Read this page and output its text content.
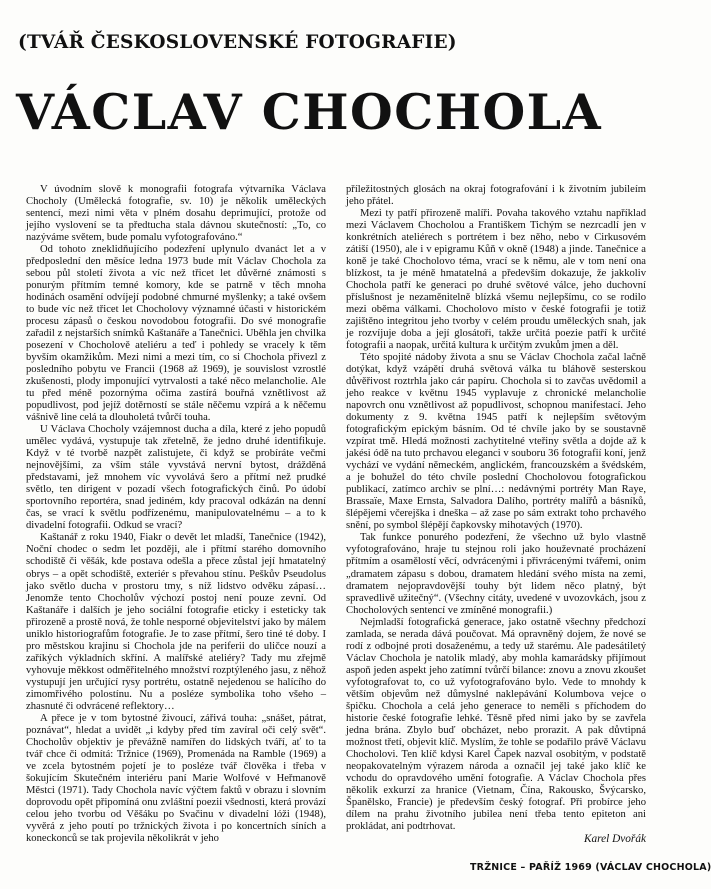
(TVÁŘ ČESKOSLOVENSKÉ FOTOGRAFIE)
VÁCLAV CHOCHOLA

V úvodním slově k monografii fotografa výtvarníka Václava Chocholy (Umělecká fotografie, sv. 10) je několik uměleckých sentencí, mezi nimi věta v plném dosahu deprimující, protože od jejího vyslovení se ta předtucha stala dávnou skutečností: „To, co nazýváme světem, bude pomalu vyfotografováno.“

Od tohoto zneklidňujícího podezření uplynulo dvanáct let a v předposlední den měsíce ledna 1973 bude mít Václav Chochola za sebou půl století života a víc než třicet let důvěrné známosti s ponurým přítmím temné komory, kde se patrně v těch mnoha hodinách osamění odvíjejí podobné chmurné myšlenky; a také ovšem to bude víc než třicet let Chocholovy významné účasti v historickém procesu zápasů o českou novodobou fotografii. Do své monografie zařadil z nejstarších snímků Kaštanáře a Tanečnici. Uběhla jen chvilka posezení v Chocholově ateliéru a teď i pohledy se vracely k těm byvším okamžikům. Mezi nimi a mezi tím, co si Chochola přivezl z posledního pobytu ve Francii (1968 až 1969), je souvislost vzrostlé zkušenosti, plody imponující vytrvalosti a také něco melancholie. Ale tu před méně pozornýma očima zastírá bouřná vznětlivost až popudlivost, pod jejíž dotěrností se stále něčemu vzpírá a k něčemu vášnivě line celá ta dlouholetá tvůrčí touha.

U Václava Chocholy vzájemnost ducha a díla, které z jeho popudů umělec vydává, vystupuje tak zřetelně, že jedno druhé identifikuje. Když v té tvorbě nazpět zalistujete, či když se probíráte večmi nejnovějšími, za vším stále vyvstává nervní bytost, drážděná představami, jež mnohem víc vyvolává šero a přítmí než prudké světlo, ten dirigent v pozadí všech fotografických činů. Po údobí sportovního reportéra, snad jediném, kdy pracoval odkázán na denní čas, se vrací k světlu podřízenému, manipulovatelnému – a to k divadelní fotografii. Odkud se vrací?

Kaštanář z roku 1940, Fiakr o devět let mladší, Tanečnice (1942), Noční chodec o sedm let později, ale i přítmí starého domovního schodiště či věšák, kde postava odešla a přece zůstal její hmatatelný obrys – a opět schodiště, exteriér s převahou stínu. Peškův Pseudolus jako světlo ducha v prostoru tmy, s níž lidstvo odvěku zápasí… Jenomže tento Chocholův výchozí postoj není pouze zevní. Od Kaštanáře i dalších je jeho sociální fotografie eticky i esteticky tak přirozeně a prostě nová, že tohle nesporné objevitelství jako by málem uniklo historiografům fotografie. Je to zase přítmí, šero tiné té doby. I pro městskou krajinu si Chochola jde na periferii do uličce nouzí a zaříkých výkladních skříní. A malířské ateliéry? Tady mu zřejmě vyhovuje měkkost odměřitelného množství rozptýleného jasu, z něhož vystupují jen určující rysy portrétu, ostatně nejedenou se halícího do zimomřivého polostínu. Nu a posléze symbolika toho všeho – zhasnuté či odvrácené reflektory…

A přece je v tom bytostné živoucí, zářivá touha: „snášet, pátrat, poznávat“, hledat a uvidět „i kdyby před tím zavíral oči celý svět“. Chocholův objektiv je převážně namířen do lidských tváří, ať to ta tvář chce či odmítá: Tržnice (1969), Promenáda na Ramble (1969) a ve zcela bytostném pojetí je to posléze tvář člověka i třeba v šokujícím Skutečném interiéru paní Marie Wolfové v Heřmanově Městci (1971). Tady Chochola navíc výčtem faktů v obrazu i slovním doprovodu opět připomíná onu zvláštní poezii všednosti, která provází celou jeho tvorbu od Věšáku po Svačinu v divadelní lóži (1948), vyvěrá z jeho poutí po tržnických života i po koncertních síních a koneckonců se tak projevila několikrát v jeho

příležitostných glosách na okraj fotografování i k životním jubileím jeho přátel.

Mezi ty patří přirozeně malíři. Povaha takového vztahu například mezi Václavem Chocholou a Františkem Tichým se nezrcadlí jen v konkrétních ateliérech s portrétem i bez něho, nebo v Cirkusovém zátiší (1950), ale i v epigramu Kůň v okně (1948) a jinde. Tanečnice a koně je také Chocholovo téma, vrací se k němu, ale v tom není ona blízkost, ta je méně hmatatelná a především dokazuje, že jakkoliv Chochola patří ke generaci po druhé světové válce, jeho duchovní příslušnost je nezaměnitelně blízká všemu nejlepšímu, co se rodilo mezi oběma válkami. Chocholovo místo v české fotografii je totiž zajištěno integritou jeho tvorby v celém proudu uměleckých snah, jak je rozvíjuje doba a její glosátoři, takže určitá poezie patří k určité fotografii a naopak, určitá kultura k určitým zvukům jmen a děl.

Této spojité nádoby života a snu se Václav Chochola začal lačně dotýkat, když vzápětí druhá světová válka tu bláhově sesterskou důvěřivost roztrhla jako cár papíru. Chochola si to zavčas uvědomil a jeho reakce v květnu 1945 vyplavuje z chronické melancholie napovrch onu vznětlivost až popudlivost, schopnou manifestací. Jeho dokumenty z 9. května 1945 patří k nejlepším světovým fotografickým epickým básním. Od té chvíle jako by se soustavně vzpírat tmě. Hledá možnosti zachytitelné vteřiny světla a dojde až k jakési ódě na tuto prchavou eleganci v souboru 36 fotografií koní, jenž vychází ve vydání německém, anglickém, francouzském a švédském, a je bohužel do této chvíle poslední Chocholovou fotografickou publikací, zatímco archiv se plní…: nedávnými portréty Man Raye, Brassaïe, Maxe Ernsta, Salvadora Dalího, portréty malířů a básníků, šlépějemi včerejška i dneška – až zase po sám extrakt toho prchavého snění, po symbol šlépějí čapkovsky mihotavých (1970).

Tak funkce ponurého podezření, že všechno už bylo vlastně vyfotografováno, hraje tu stejnou roli jako houževnaté procházení přítmím a osamělostí věcí, odvrácenými i přivrácenými tvářemi, onim „dramatem zápasu s dobou, dramatem hledání svého místa na zemi, dramatem nejopravdovější touhy být lidem něco platný, být spravedlivě užitečný“. (Všechny citáty, uvedené v uvozovkách, jsou z Chocholových sentencí ve zmíněné monografii.)

Nejmladší fotografická generace, jako ostatně všechny předchozí zamlada, se nerada dává poučovat. Má opravněný dojem, že nové se rodí z odbojné proti dosaženému, a tedy už starému. Ale padesátiletý Václav Chochola je natolik mladý, aby mohla kamarádsky přijímout aspoň jeden aspekt jeho zatímní tvůrčí bilance: znovu a znovu zkoušet vyfotografovat to, co už vyfotografováno bylo. Vede to mnohdy k větším objevům než důmyslné naklepávání Kolumbova vejce o špičku. Chochola a celá jeho generace to neměli s příchodem do historie české fotografie lehké. Těsně před nimi jako by se zavřela jedna brána. Zbylo buď obcházet, nebo prorazit. A pak důvtipná možnost třetí, objevit klíč. Myslím, že tohle se podařilo právě Václavu Chocholovi. Ten klíč kdysi Karel Čapek nazval osobitým, v podstatě neopakovatelným výrazem národa a označil jej také jako klíč ke vchodu do opravdového umění fotografie. A Václav Chochola přes několik exkurzí za hranice (Vietnam, Čína, Rakousko, Švýcarsko, Španělsko, Francie) je především český fotograf. Při probírce jeho dílem na prahu životního jubilea není třeba tento epiteton ani prokládat, ani podtrhovat.

Karel Dvořák

TRŽNICE – PAŘÍŽ 1969 (VÁCLAV CHOCHOLA)
